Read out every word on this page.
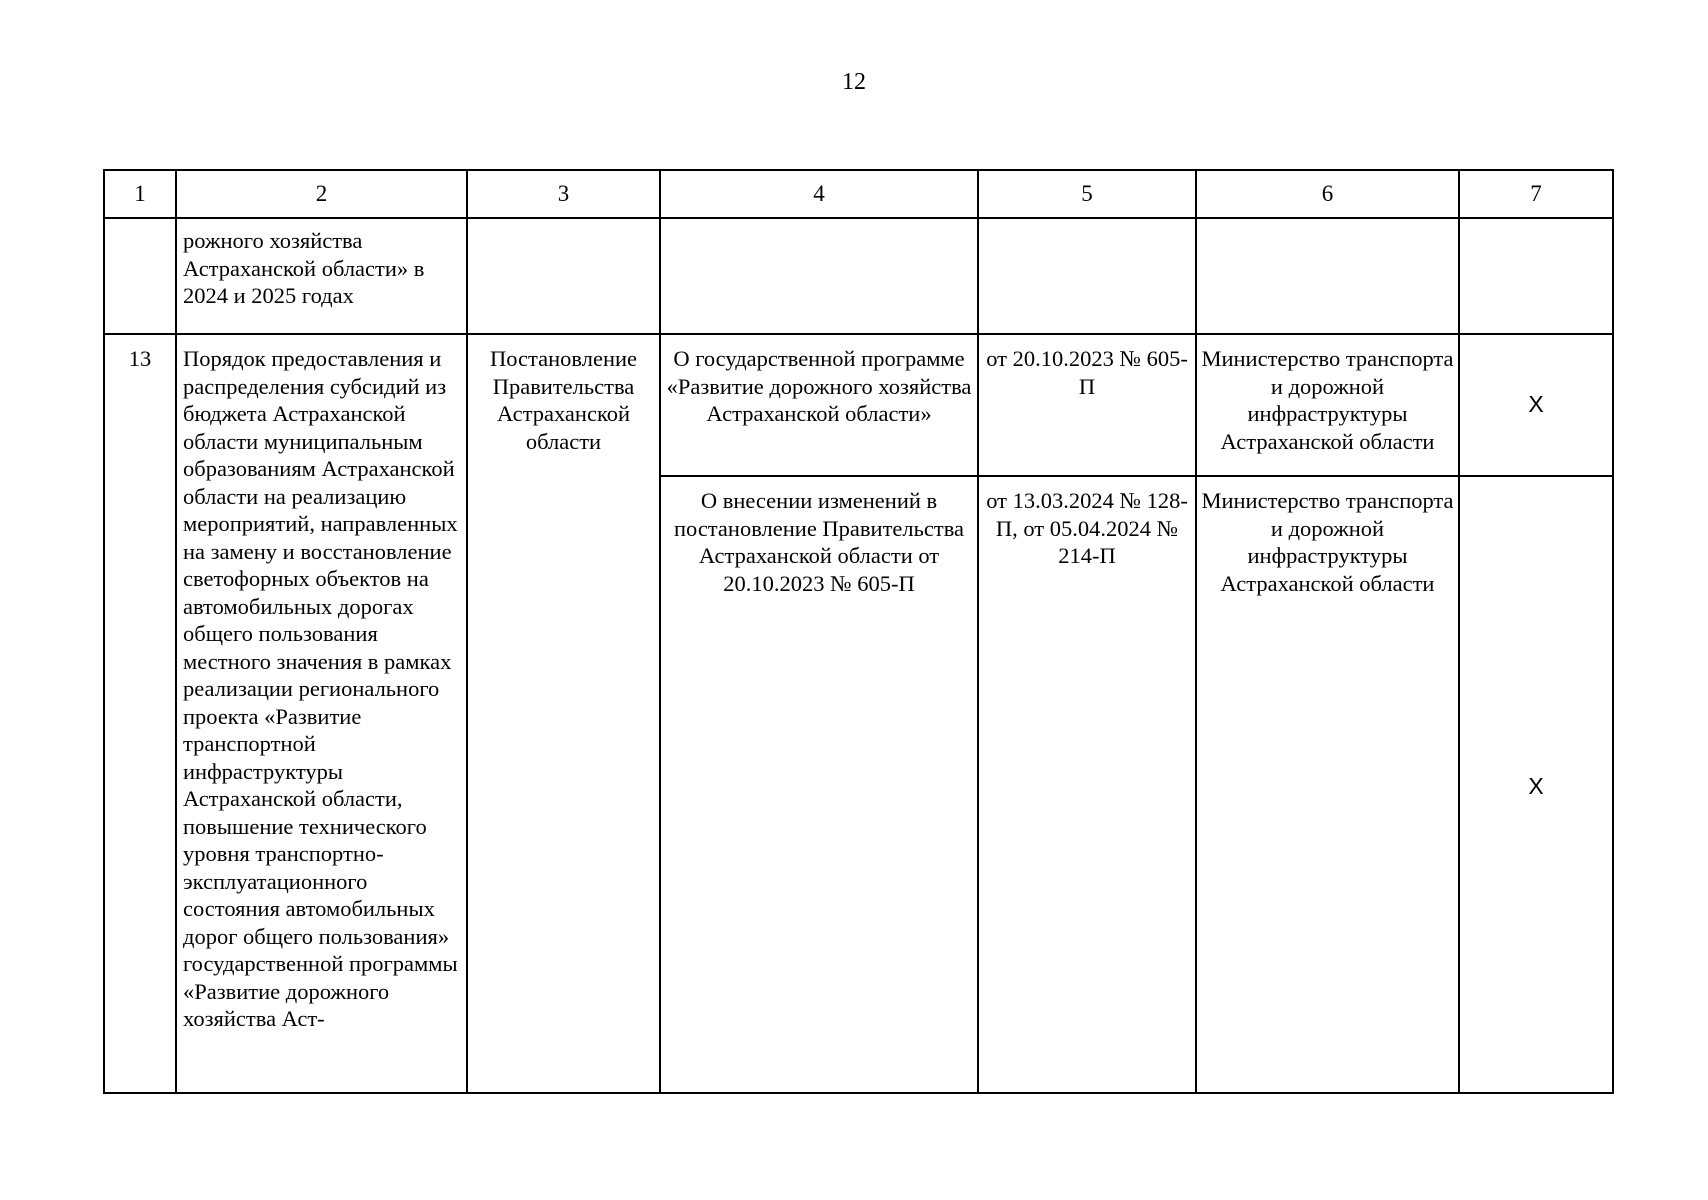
12
1	2	3	4	5	6	7
	рожного хозяйства Астраханской области» в 2024 и 2025 годах					
13	Порядок предоставления и распределения субсидий из бюджета Астраханской области муниципальным образованиям Астраханской области на реализацию мероприятий, направленных на замену и восстановление светофорных объектов на автомобильных дорогах общего пользования местного значения в рамках реализации регионального проекта «Развитие транспортной инфраструктуры Астраханской области, повышение технического уровня транспортно-эксплуатационного состояния автомобильных дорог общего пользования» государственной программы «Развитие дорожного хозяйства Аст-	Постановление Правительства Астраханской области	О государственной программе «Развитие дорожного хозяйства Астраханской области»	от 20.10.2023 № 605-П	Министерство транспорта и дорожной инфраструктуры Астраханской области	X
			О внесении изменений в постановление Правительства Астраханской области от 20.10.2023 № 605-П	от 13.03.2024 № 128-П, от 05.04.2024 № 214-П	Министерство транспорта и дорожной инфраструктуры Астраханской области	X
